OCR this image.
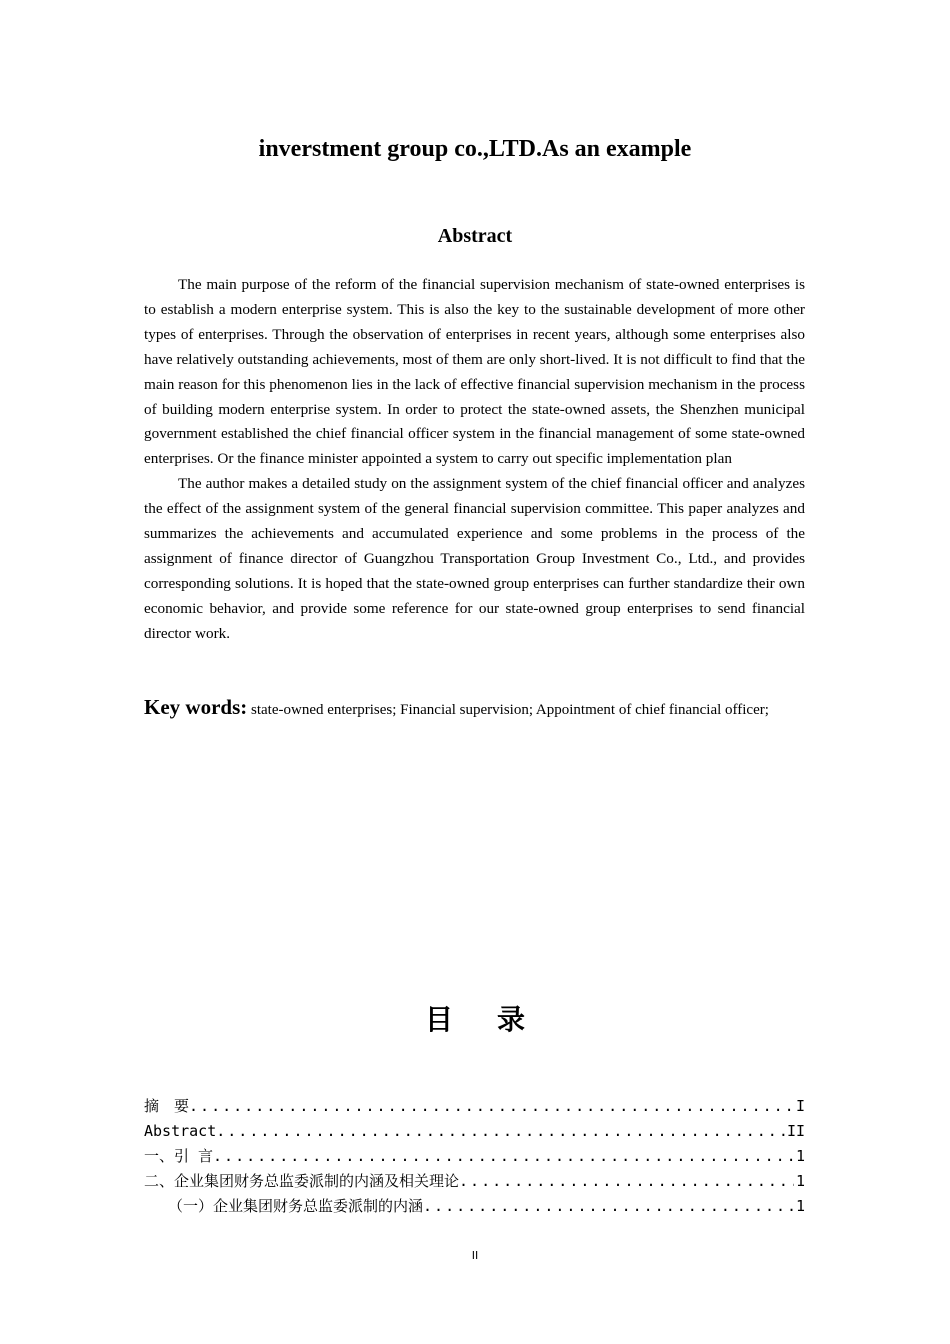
inverstment group co.,LTD.As an example
Abstract

The main purpose of the reform of the financial supervision mechanism of state-owned enterprises is to establish a modern enterprise system. This is also the key to the sustainable development of more other types of enterprises. Through the observation of enterprises in recent years, although some enterprises also have relatively outstanding achievements, most of them are only short-lived. It is not difficult to find that the main reason for this phenomenon lies in the lack of effective financial supervision mechanism in the process of building modern enterprise system. In order to protect the state-owned assets, the Shenzhen municipal government established the chief financial officer system in the financial management of some state-owned enterprises. Or the finance minister appointed a system to carry out specific implementation plan

The author makes a detailed study on the assignment system of the chief financial officer and analyzes the effect of the assignment system of the general financial supervision committee. This paper analyzes and summarizes the achievements and accumulated experience and some problems in the process of the assignment of finance director of Guangzhou Transportation Group Investment Co., Ltd., and provides corresponding solutions. It is hoped that the state-owned group enterprises can further standardize their own economic behavior, and provide some reference for our state-owned group enterprises to send financial director work.

Key words: state-owned enterprises; Financial supervision; Appointment of chief financial officer;
目录
摘　要 .....	I
Abstract .....	II
一、引 言 .....	1
二、企业集团财务总监委派制的内涵及相关理论 .....	1
（一）企业集团财务总监委派制的内涵 .....	1
II
